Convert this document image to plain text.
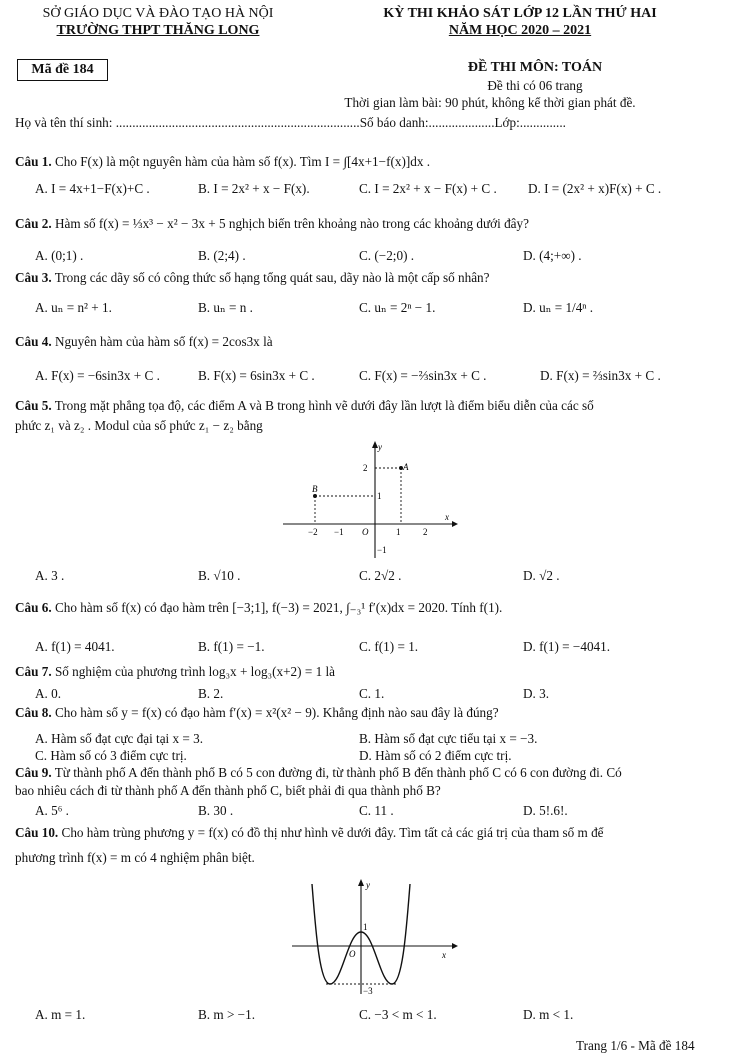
SỞ GIÁO DỤC VÀ ĐÀO TẠO HÀ NỘI
TRƯỜNG THPT THĂNG LONG
KỲ THI KHẢO SÁT LỚP 12 LẦN THỨ HAI
NĂM HỌC 2020 – 2021
Mã đề 184	ĐỀ THI MÔN: TOÁN
Đề thi có 06 trang
Thời gian làm bài: 90 phút, không kể thời gian phát đề.
Họ và tên thí sinh: ..........................................................................Số báo danh:....................Lớp:..............
Câu 1. Cho F(x) là một nguyên hàm của hàm số f(x). Tìm I = ∫[4x+1−f(x)]dx .
A. I = 4x+1−F(x)+C .	B. I = 2x² + x − F(x).	C. I = 2x² + x − F(x) + C . D. I = (2x² + x)F(x) + C .
Câu 2. Hàm số f(x) = ⅓x³ − x² − 3x + 5 nghịch biến trên khoảng nào trong các khoảng dưới đây?
A. (0;1) .	B. (2;4) .	C. (−2;0) .	D. (4;+∞) .
Câu 3. Trong các dãy số có công thức số hạng tổng quát sau, dãy nào là một cấp số nhân?
A. uₙ = n² + 1.	B. uₙ = n .	C. uₙ = 2ⁿ − 1.	D. uₙ = 1/4ⁿ .
Câu 4. Nguyên hàm của hàm số f(x) = 2cos3x là
A. F(x) = −6sin3x + C .	B. F(x) = 6sin3x + C .	C. F(x) = −⅔sin3x + C .	D. F(x) = ⅔sin3x + C .
Câu 5. Trong mặt phẳng tọa độ, các điểm A và B trong hình vẽ dưới đây lần lượt là điểm biểu diễn của các số
phức z₁ và z₂ . Modul của số phức z₁ − z₂ bằng
y
x
A
B
O
−2 −1	1	2
2
1
−1
A. 3 .	B. √10 .	C. 2√2 .	D. √2 .
Câu 6. Cho hàm số f(x) có đạo hàm trên [−3;1], f(−3) = 2021, ∫₋₃¹ f′(x)dx = 2020. Tính f(1).
A. f(1) = 4041.	B. f(1) = −1.	C. f(1) = 1.	D. f(1) = −4041.
Câu 7. Số nghiệm của phương trình log₃x + log₃(x+2) = 1 là
A. 0.	B. 2.	C. 1.	D. 3.
Câu 8. Cho hàm số y = f(x) có đạo hàm f′(x) = x²(x² − 9). Khẳng định nào sau đây là đúng?
A. Hàm số đạt cực đại tại x = 3.	B. Hàm số đạt cực tiểu tại x = −3.
C. Hàm số có 3 điểm cực trị.	D. Hàm số có 2 điểm cực trị.
Câu 9. Từ thành phố A đến thành phố B có 5 con đường đi, từ thành phố B đến thành phố C có 6 con đường đi. Có
bao nhiêu cách đi từ thành phố A đến thành phố C, biết phải đi qua thành phố B?
A. 5⁶ .	B. 30 .	C. 11 .	D. 5!.6!.
Câu 10. Cho hàm trùng phương y = f(x) có đồ thị như hình vẽ dưới đây. Tìm tất cả các giá trị của tham số m để
phương trình f(x) = m có 4 nghiệm phân biệt.
y
x
O
1
−3
A. m = 1.	B. m > −1.	C. −3 < m < 1.	D. m < 1.
Trang 1/6 - Mã đề 184
